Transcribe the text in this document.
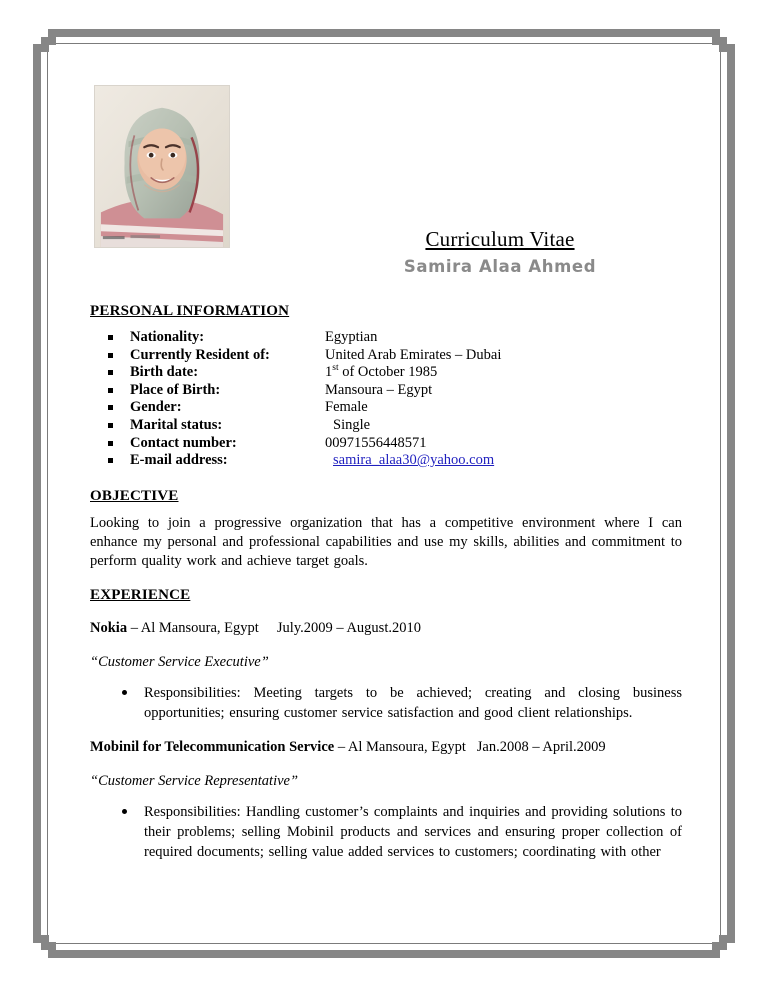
Curriculum Vitae
Samira Alaa Ahmed
PERSONAL INFORMATION
Nationality:	Egyptian
Currently Resident of:	United Arab Emirates – Dubai
Birth date:	1st of October 1985
Place of Birth:	Mansoura – Egypt
Gender:	Female
Marital status:	Single
Contact number:	00971556448571
E-mail address:	samira_alaa30@yahoo.com
OBJECTIVE

Looking to join a progressive organization that has a competitive environment where I can enhance my personal and professional capabilities and use my skills, abilities and commitment to perform quality work and achieve target goals.

EXPERIENCE
Nokia – Al Mansoura, Egypt July.2009 – August.2010
“Customer Service Executive”
Responsibilities: Meeting targets to be achieved; creating and closing business opportunities; ensuring customer service satisfaction and good client relationships.
Mobinil for Telecommunication Service – Al Mansoura, Egypt Jan.2008 – April.2009
“Customer Service Representative”
Responsibilities: Handling customer’s complaints and inquiries and providing solutions to their problems; selling Mobinil products and services and ensuring proper collection of required documents; selling value added services to customers; coordinating with other
